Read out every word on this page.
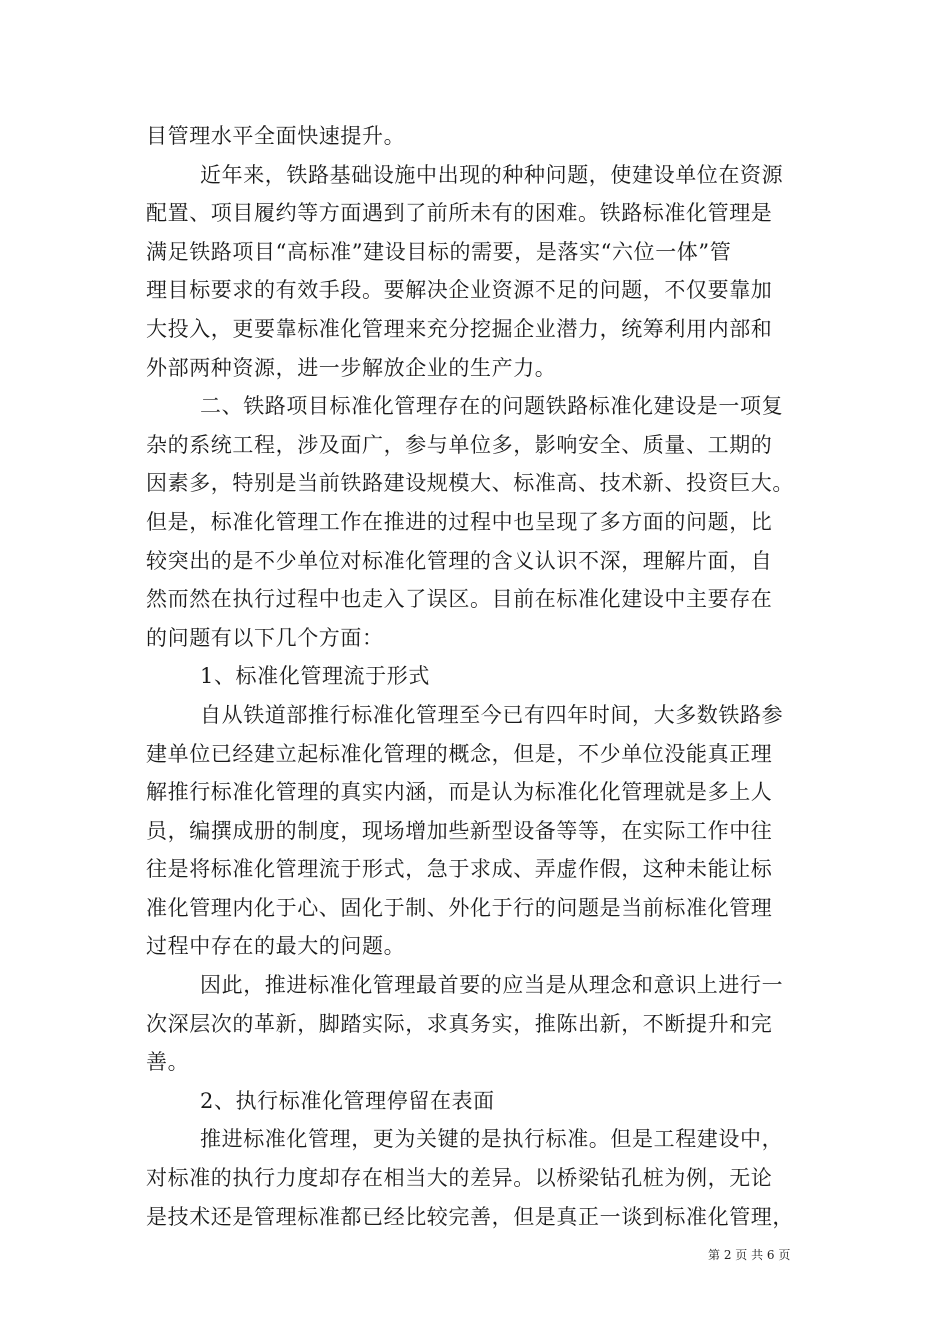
目管理水平全面快速提升。
近年来，铁路基础设施中出现的种种问题，使建设单位在资源
配置、项目履约等方面遇到了前所未有的困难。铁路标准化管理是
满足铁路项目“高标准”建设目标的需要，是落实“六位一体”管
理目标要求的有效手段。要解决企业资源不足的问题，不仅要靠加
大投入，更要靠标准化管理来充分挖掘企业潜力，统筹利用内部和
外部两种资源，进一步解放企业的生产力。
二、铁路项目标准化管理存在的问题铁路标准化建设是一项复
杂的系统工程，涉及面广，参与单位多，影响安全、质量、工期的
因素多，特别是当前铁路建设规模大、标准高、技术新、投资巨大。
但是，标准化管理工作在推进的过程中也呈现了多方面的问题，比
较突出的是不少单位对标准化管理的含义认识不深，理解片面，自
然而然在执行过程中也走入了误区。目前在标准化建设中主要存在
的问题有以下几个方面：
1、标准化管理流于形式
自从铁道部推行标准化管理至今已有四年时间，大多数铁路参
建单位已经建立起标准化管理的概念，但是，不少单位没能真正理
解推行标准化管理的真实内涵，而是认为标准化化管理就是多上人
员，编撰成册的制度，现场增加些新型设备等等，在实际工作中往
往是将标准化管理流于形式，急于求成、弄虚作假，这种未能让标
准化管理内化于心、固化于制、外化于行的问题是当前标准化管理
过程中存在的最大的问题。
因此，推进标准化管理最首要的应当是从理念和意识上进行一
次深层次的革新，脚踏实际，求真务实，推陈出新，不断提升和完
善。
2、执行标准化管理停留在表面
推进标准化管理，更为关键的是执行标准。但是工程建设中，
对标准的执行力度却存在相当大的差异。以桥梁钻孔桩为例，无论
是技术还是管理标准都已经比较完善，但是真正一谈到标准化管理，
第 2 页 共 6 页
